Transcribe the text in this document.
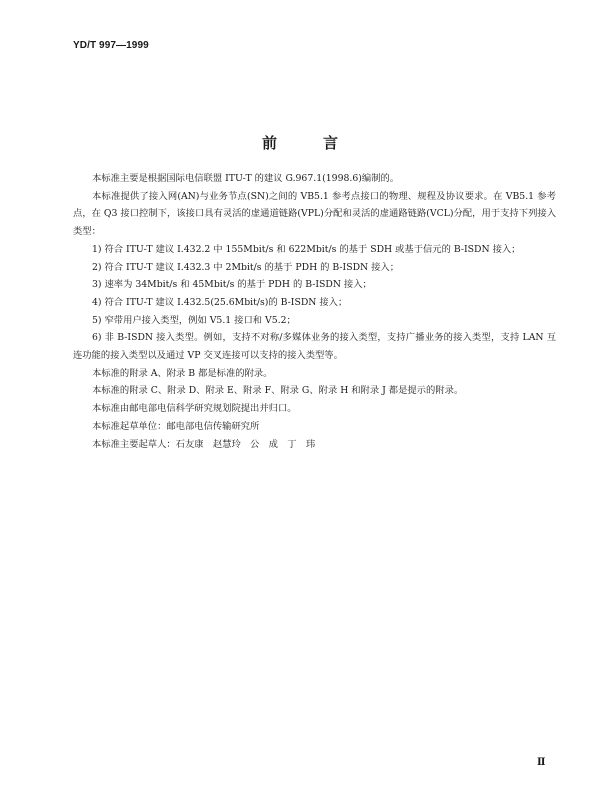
YD/T 997—1999
前	言

本标准主要是根据国际电信联盟 ITU-T 的建议 G.967.1(1998.6)编制的。

本标准提供了接入网(AN)与业务节点(SN)之间的 VB5.1 参考点接口的物理、规程及协议要求。在 VB5.1 参考点，在 Q3 接口控制下，该接口具有灵活的虚通道链路(VPL)分配和灵活的虚通路链路(VCL)分配，用于支持下列接入类型：

1) 符合 ITU-T 建议 I.432.2 中 155Mbit/s 和 622Mbit/s 的基于 SDH 或基于信元的 B-ISDN 接入；

2) 符合 ITU-T 建议 I.432.3 中 2Mbit/s 的基于 PDH 的 B-ISDN 接入；

3) 速率为 34Mbit/s 和 45Mbit/s 的基于 PDH 的 B-ISDN 接入；

4) 符合 ITU-T 建议 I.432.5(25.6Mbit/s)的 B-ISDN 接入；

5) 窄带用户接入类型，例如 V5.1 接口和 V5.2；

6) 非 B-ISDN 接入类型。例如，支持不对称/多媒体业务的接入类型，支持广播业务的接入类型，支持 LAN 互连功能的接入类型以及通过 VP 交叉连接可以支持的接入类型等。

本标准的附录 A、附录 B 都是标准的附录。

本标准的附录 C、附录 D、附录 E、附录 F、附录 G、附录 H 和附录 J 都是提示的附录。

本标准由邮电部电信科学研究规划院提出并归口。

本标准起草单位：邮电部电信传输研究所

本标准主要起草人：石友康　赵慧玲　公　成　丁　玮

Ⅱ
